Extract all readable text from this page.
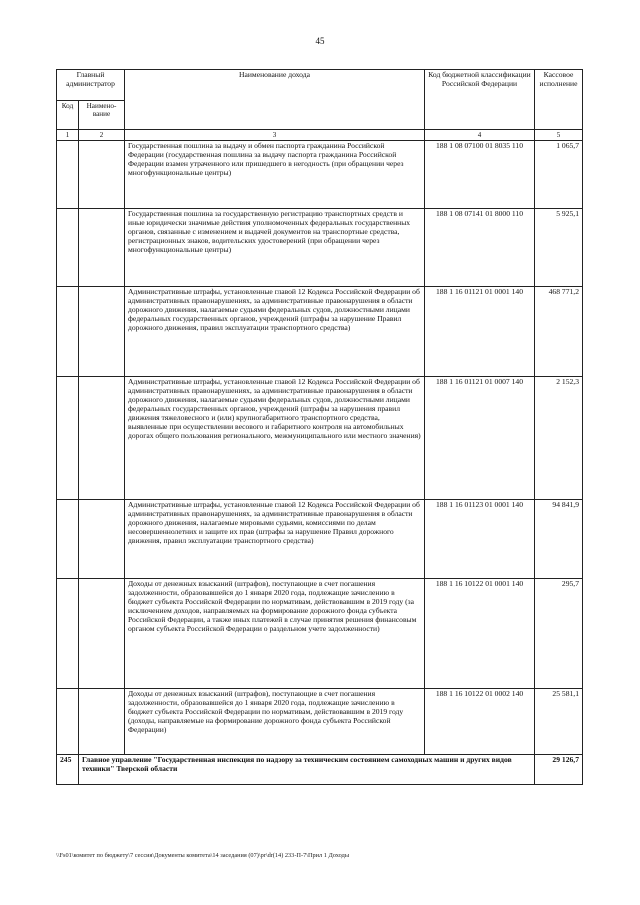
45
Главный администратор		Наименование дохода	Код бюджетной классификации Российской Федерации	Кассовое исполнение
Код	Наимено-вание			
1	2	3	4	5
		Государственная пошлина за выдачу и обмен паспорта гражданина Российской Федерации (государственная пошлина за выдачу паспорта гражданина Российской Федерации взамен утраченного или пришедшего в негодность (при обращении через многофункциональные центры)	188 1 08 07100 01 8035 110	1 065,7
		Государственная пошлина за государственную регистрацию транспортных средств и иные юридически значимые действия уполномоченных федеральных государственных органов, связанные с изменением и выдачей документов на транспортные средства, регистрационных знаков, водительских удостоверений (при обращении через многофункциональные центры)	188 1 08 07141 01 8000 110	5 925,1
		Административные штрафы, установленные главой 12 Кодекса Российской Федерации об административных правонарушениях, за административные правонарушения в области дорожного движения, налагаемые судьями федеральных судов, должностными лицами федеральных государственных органов, учреждений (штрафы за нарушение Правил дорожного движения, правил эксплуатации транспортного средства)	188 1 16 01121 01 0001 140	468 771,2
		Административные штрафы, установленные главой 12 Кодекса Российской Федерации об административных правонарушениях, за административные правонарушения в области дорожного движения, налагаемые судьями федеральных судов, должностными лицами федеральных государственных органов, учреждений (штрафы за нарушения правил движения тяжеловесного и (или) крупногабаритного транспортного средства, выявленные при осуществлении весового и габаритного контроля на автомобильных дорогах общего пользования регионального, межмуниципального или местного значения)	188 1 16 01121 01 0007 140	2 152,3
		Административные штрафы, установленные главой 12 Кодекса Российской Федерации об административных правонарушениях, за административные правонарушения в области дорожного движения, налагаемые мировыми судьями, комиссиями по делам несовершеннолетних и защите их прав (штрафы за нарушение Правил дорожного движения, правил эксплуатации транспортного средства)	188 1 16 01123 01 0001 140	94 841,9
		Доходы от денежных взысканий (штрафов), поступающие в счет погашения задолженности, образовавшейся до 1 января 2020 года, подлежащие зачислению в бюджет субъекта Российской Федерации по нормативам, действовавшим в 2019 году (за исключением доходов, направляемых на формирование дорожного фонда субъекта Российской Федерации, а также иных платежей в случае принятия решения финансовым органом субъекта Российской Федерации о раздельном учете задолженности)	188 1 16 10122 01 0001 140	295,7
		Доходы от денежных взысканий (штрафов), поступающие в счет погашения задолженности, образовавшейся до 1 января 2020 года, подлежащие зачислению в бюджет субъекта Российской Федерации по нормативам, действовавшим в 2019 году (доходы, направляемые на формирование дорожного фонда субъекта Российской Федерации)	188 1 16 10122 01 0002 140	25 581,1
245	Главное управление "Государственная инспекция по надзору за техническим состоянием самоходных машин и других видов техники" Тверской области			29 126,7
\\Fs01\комитет по бюджету\7 сессия\Документы комитета\14 заседания (07)\pr\dr(14) 233-П-7\Прил 1 Доходы
